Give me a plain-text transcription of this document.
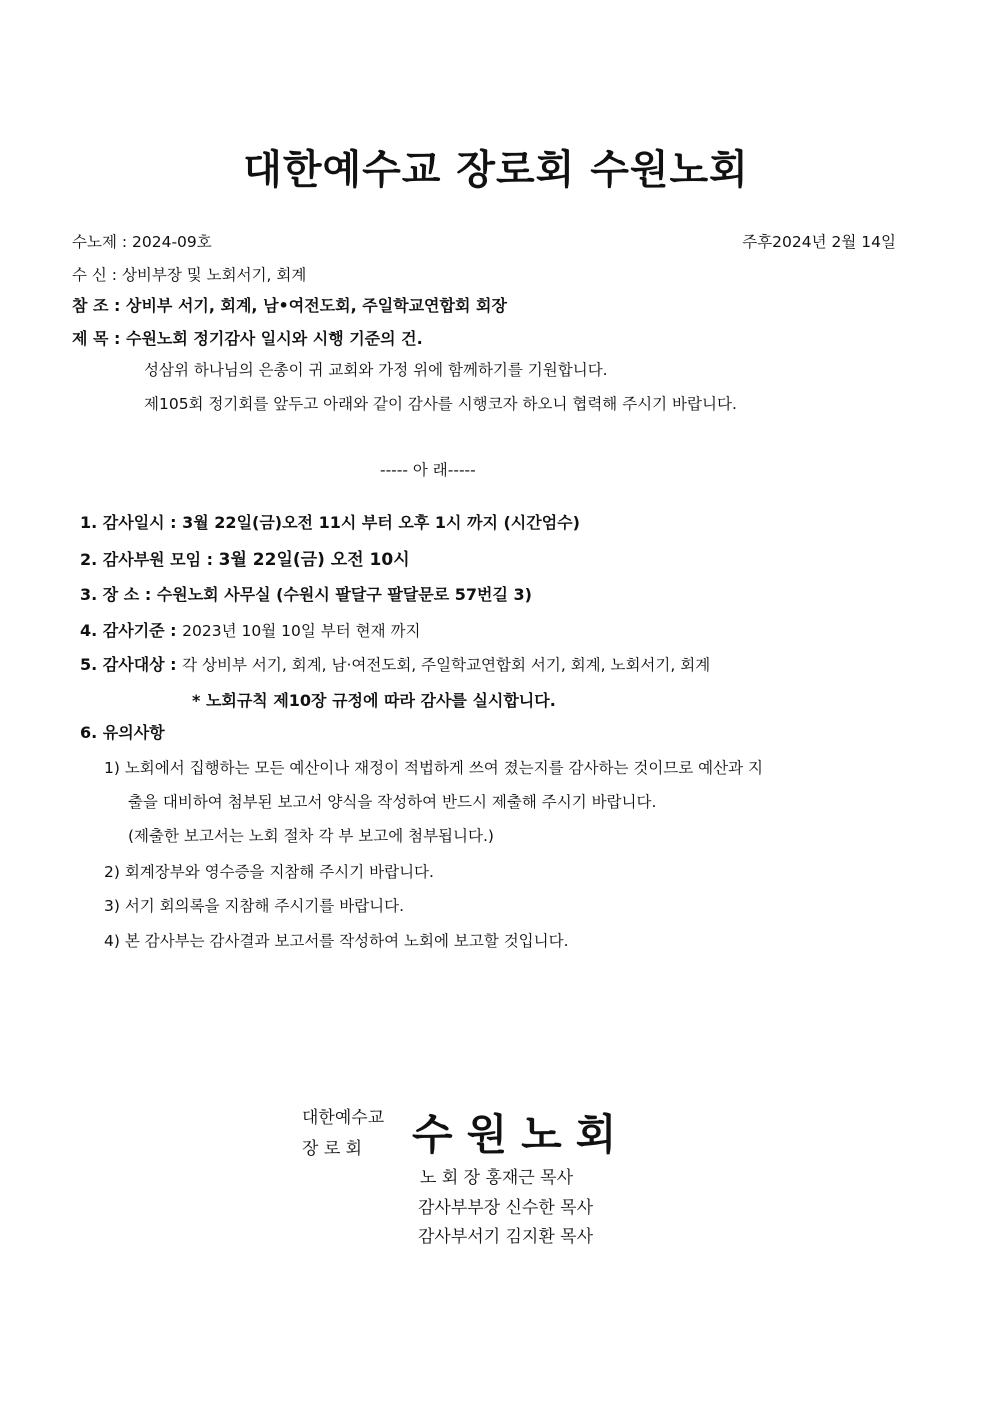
대한예수교 장로회 수원노회
수노제 : 2024-09호	주후2024년 2월 14일
수 신 : 상비부장 및 노회서기, 회계
참 조 : 상비부 서기, 회계, 남•여전도회, 주일학교연합회 회장
제 목 : 수원노회 정기감사 일시와 시행 기준의 건.
성삼위 하나님의 은총이 귀 교회와 가정 위에 함께하기를 기원합니다.
제105회 정기회를 앞두고 아래와 같이 감사를 시행코자 하오니 협력해 주시기 바랍니다.
----- 아 래-----
1. 감사일시 : 3월 22일(금)오전 11시 부터 오후 1시 까지 (시간엄수)
2. 감사부원 모임 : 3월 22일(금) 오전 10시
3. 장 소 : 수원노회 사무실 (수원시 팔달구 팔달문로 57번길 3)
4. 감사기준 : 2023년 10월 10일 부터 현재 까지
5. 감사대상 : 각 상비부 서기, 회계, 남·여전도회, 주일학교연합회 서기, 회계, 노회서기, 회계
* 노회규칙 제10장 규정에 따라 감사를 실시합니다.
6. 유의사항
1) 노회에서 집행하는 모든 예산이나 재정이 적법하게 쓰여 졌는지를 감사하는 것이므로 예산과 지
출을 대비하여 첨부된 보고서 양식을 작성하여 반드시 제출해 주시기 바랍니다.
(제출한 보고서는 노회 절차 각 부 보고에 첨부됩니다.)
2) 회계장부와 영수증을 지참해 주시기 바랍니다.
3) 서기 회의록을 지참해 주시기를 바랍니다.
4) 본 감사부는 감사결과 보고서를 작성하여 노회에 보고할 것입니다.
대한예수교
장 로 회 수원노회
노 회 장 홍재근 목사
감사부부장 신수한 목사
감사부서기 김지환 목사
